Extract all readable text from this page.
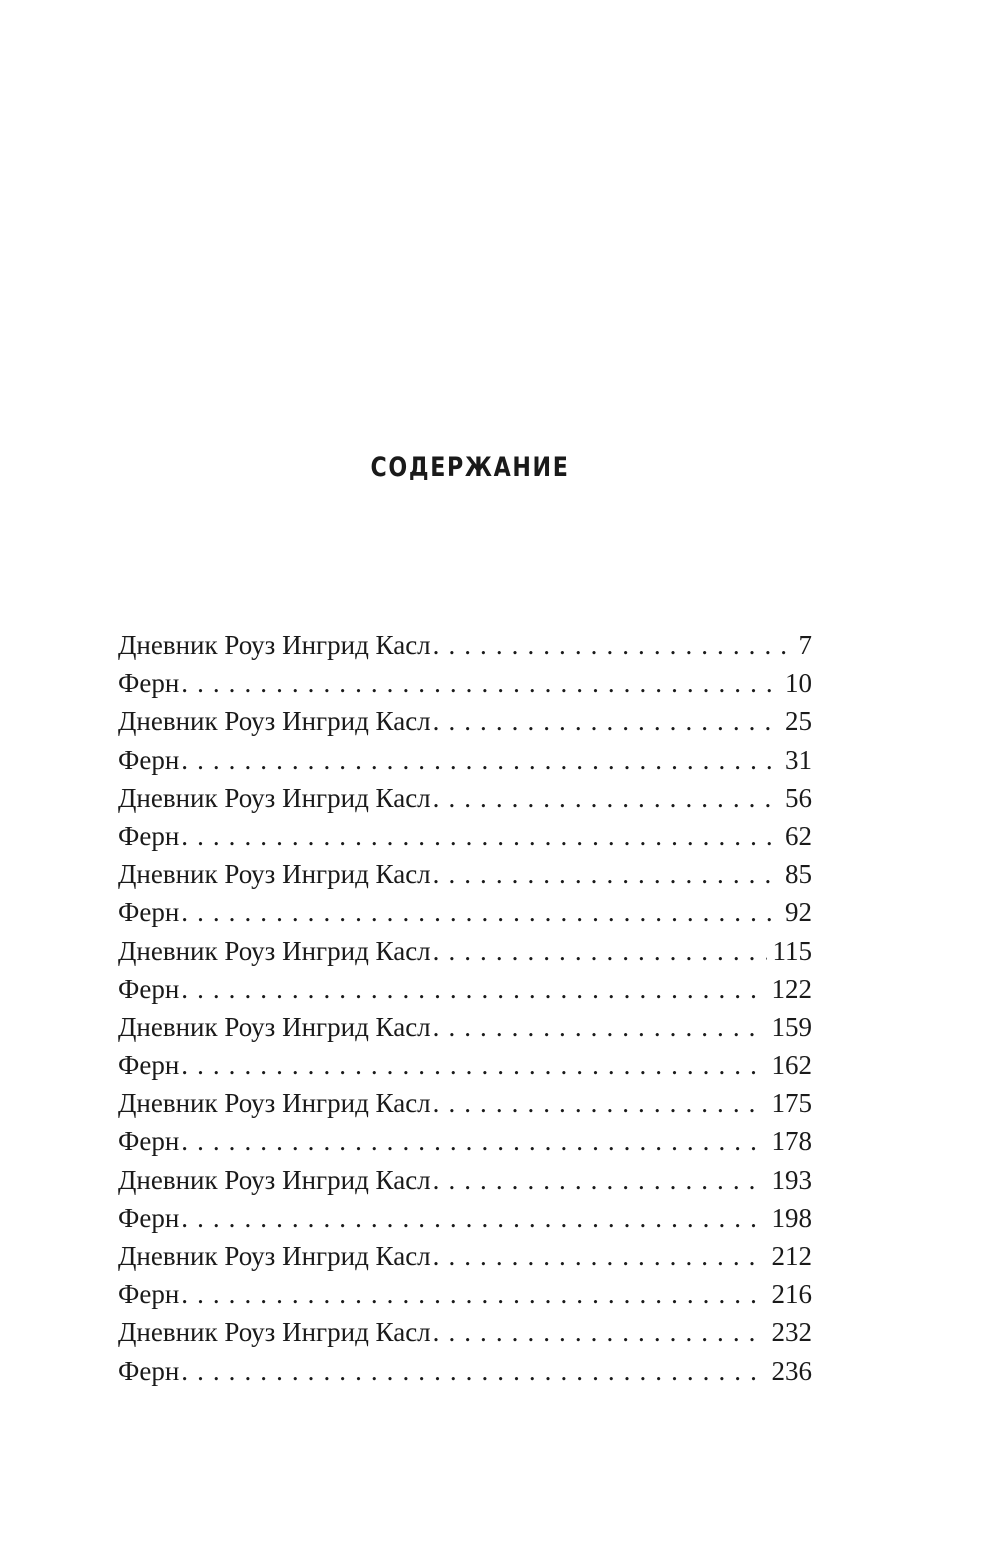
СОДЕРЖАНИЕ
Дневник Роуз Ингрид Касл . . .	7
Ферн . . .	10
Дневник Роуз Ингрид Касл . . .	25
Ферн . . .	31
Дневник Роуз Ингрид Касл . . .	56
Ферн . . .	62
Дневник Роуз Ингрид Касл . . .	85
Ферн . . .	92
Дневник Роуз Ингрид Касл . . .	115
Ферн . . .	122
Дневник Роуз Ингрид Касл . . .	159
Ферн . . .	162
Дневник Роуз Ингрид Касл . . .	175
Ферн . . .	178
Дневник Роуз Ингрид Касл . . .	193
Ферн . . .	198
Дневник Роуз Ингрид Касл . . .	212
Ферн . . .	216
Дневник Роуз Ингрид Касл . . .	232
Ферн . . .	236
